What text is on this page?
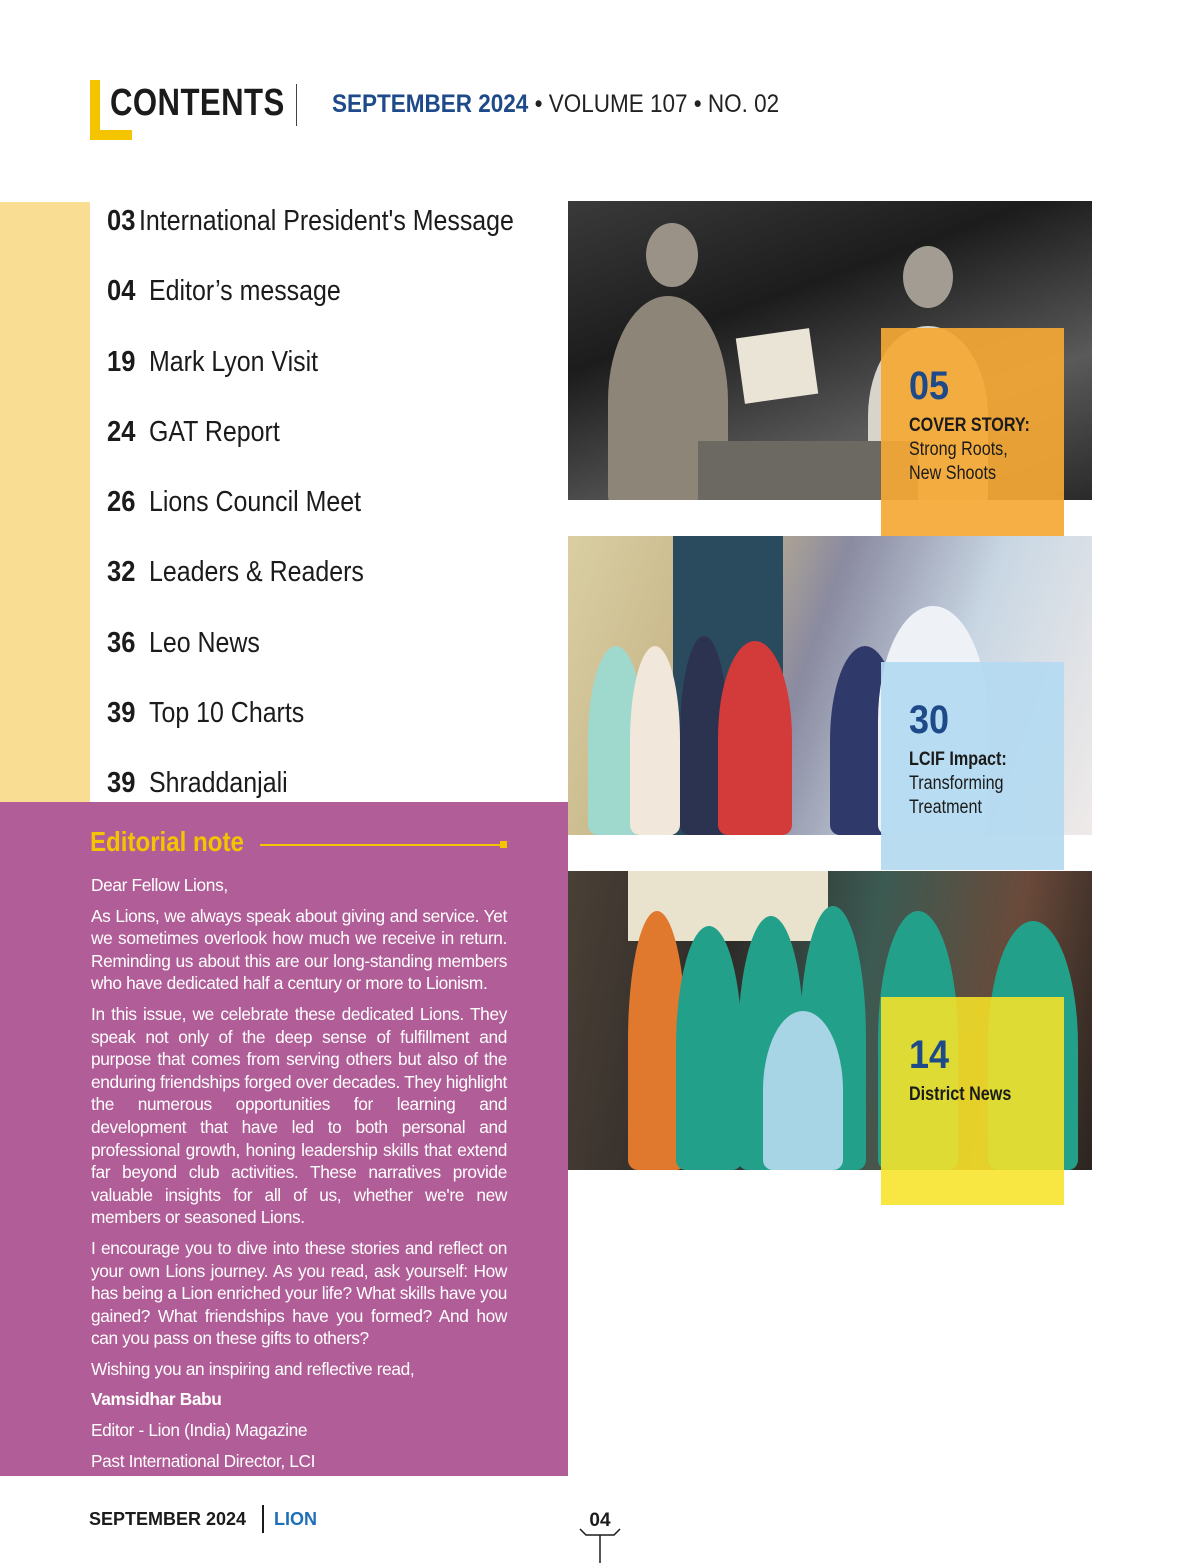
CONTENTS SEPTEMBER 2024 • VOLUME 107 • NO. 02
03 International President's Message
04 Editor’s message
19 Mark Lyon Visit
24 GAT Report
26 Lions Council Meet
32 Leaders & Readers
36 Leo News
39 Top 10 Charts
39 Shraddanjali
05
COVER STORY:
Strong Roots,
New Shoots
30
LCIF Impact:
Transforming
Treatment
14
District News
Editorial note

Dear Fellow Lions,

As Lions, we always speak about giving and service. Yet we sometimes overlook how much we receive in return. Reminding us about this are our long-standing members who have dedicated half a century or more to Lionism.

In this issue, we celebrate these dedicated Lions. They speak not only of the deep sense of fulfillment and purpose that comes from serving others but also of the enduring friendships forged over decades. They highlight the numerous opportunities for learning and development that have led to both personal and professional growth, honing leadership skills that extend far beyond club activities. These narratives provide valuable insights for all of us, whether we're new members or seasoned Lions.

I encourage you to dive into these stories and reflect on your own Lions journey. As you read, ask yourself: How has being a Lion enriched your life? What skills have you gained? What friendships have you formed? And how can you pass on these gifts to others?

Wishing you an inspiring and reflective read,

Vamsidhar Babu

Editor - Lion (India) Magazine

Past International Director, LCI

SEPTEMBER 2024 LION	04
